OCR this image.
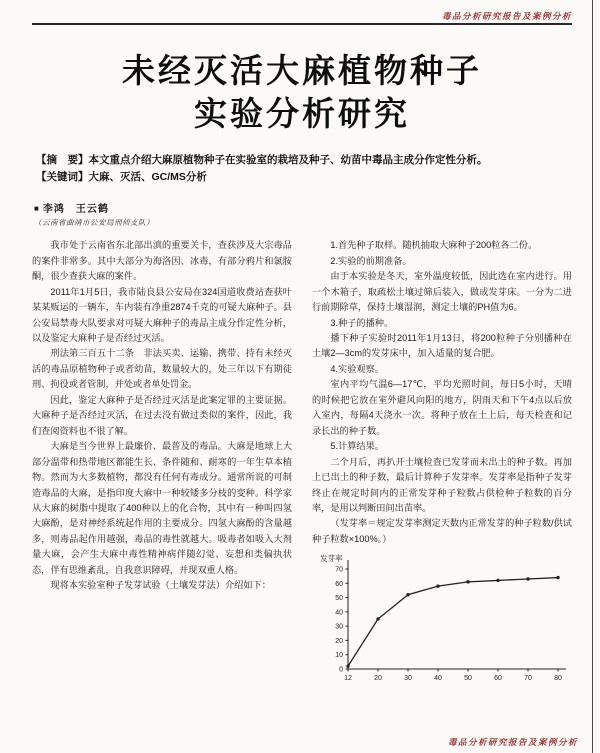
毒品分析研究报告及案例分析
未经灭活大麻植物种子
实验分析研究

【摘　要】本文重点介绍大麻原植物种子在实验室的栽培及种子、幼苗中毒品主成分作定性分析。

【关键词】大麻、灭活、GC/MS分析

■ 李鸿　王云鹤
（云南省曲靖市公安局刑侦支队）

我市处于云南省东北部出滇的重要关卡，查获涉及大宗毒品的案件非常多。其中大部分为海洛因、冰毒，有部分鸦片和氯胺酮，很少查获大麻的案件。

2011年1月5日，我市陆良县公安局在324国道收费站查获叶某某贩运的一辆车，车内装有净重2874千克的可疑大麻种子。县公安局禁毒大队要求对可疑大麻种子的毒品主成分作定性分析，以及鉴定大麻种子是否经过灭活。

刑法第三百五十二条　非法买卖、运输、携带、持有未经灭活的毒品原植物种子或者幼苗，数量较大的，处三年以下有期徒刑、拘役或者管制，并处或者单处罚金。

因此，鉴定大麻种子是否经过灭活是此案定罪的主要证据。大麻种子是否经过灭活，在过去没有做过类似的案件，因此，我们查阅资料也不很了解。

大麻是当今世界上最廉价、最普及的毒品。大麻是地球上大部分温带和热带地区都能生长、条件随和、耐寒的一年生草本植物。然而为大多数植物，都没有任何有毒成分。通常所说的可制造毒品的大麻，是指印度大麻中一种较矮多分枝的变种。科学家从大麻的树脂中提取了400种以上的化合物，其中有一种叫四氢大麻酚，是对神经系统起作用的主要成分。四氢大麻酚的含量越多，则毒品起作用越强，毒品的毒性就越大。吸毒者如吸入大剂量大麻，会产生大麻中毒性精神病伴随幻觉、妄想和类偏执状态，伴有思维紊乱，自我意识障碍，并现双重人格。

现将本实验室种子发芽试验（土壤发芽法）介绍如下：

1.首先种子取样。随机抽取大麻种子200粒各二份。

2.实验的前期准备。

由于本实验是冬天，室外温度较低，因此选在室内进行。用一个木箱子，取疏松土壤过筛后装入，做成发芽床。一分为二进行前期除草，保持土壤湿润，测定土壤的PH值为6。

3.种子的播种。

播下种子实验时2011年1月13日，将200粒种子分别播种在土壤2—3cm的发芽床中，加入适量的复合肥。

4.实验观察。

室内平均气温6—17℃，平均光照时间，每日5小时，天晴的时候把它放在室外避风向阳的地方，阴雨天和下午4点以后放入室内，每隔4天浇水一次。将种子放在土上后，每天检查和记录长出的种子数。

5.计算结果。

二个月后，再扒开土壤检查已发芽而未出土的种子数。再加上已出土的种子数，最后计算种子发芽率。发芽率是指种子发芽终止在规定时间内的正常发芽种子粒数占供检种子粒数的百分率，是用以判断田间出苗率。

（发芽率＝规定发芽率测定天数内正常发芽的种子粒数/供试种子粒数×100%。）

0
10
20
30
40
50
60
70
12	20	30	40	50	60	70	80
发芽率
毒品分析研究报告及案例分析
